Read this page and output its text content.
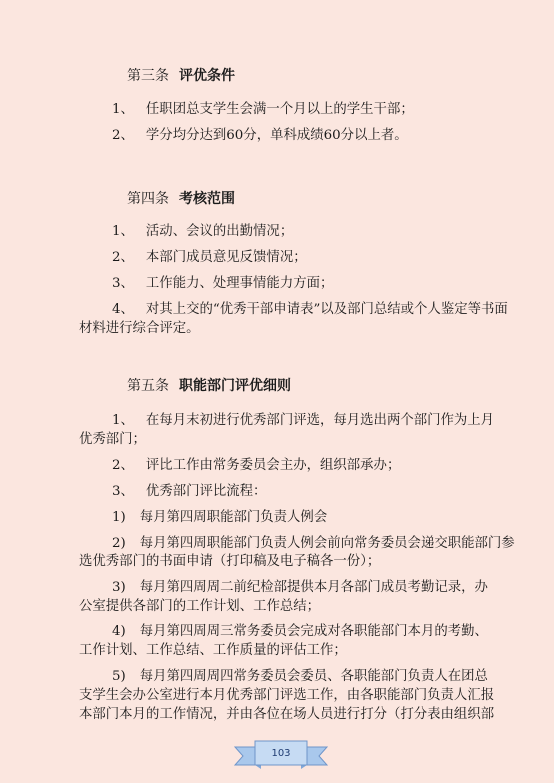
第三条 评优条件
1、 任职团总支学生会满一个月以上的学生干部；
2、 学分均分达到60分，单科成绩60分以上者。
第四条 考核范围
1、 活动、会议的出勤情况；
2、 本部门成员意见反馈情况；
3、 工作能力、处理事情能力方面；
4、 对其上交的“优秀干部申请表”以及部门总结或个人鉴定等书面
材料进行综合评定。
第五条 职能部门评优细则
1、 在每月末初进行优秀部门评选，每月选出两个部门作为上月
优秀部门；
2、 评比工作由常务委员会主办，组织部承办；
3、 优秀部门评比流程：
1) 每月第四周职能部门负责人例会
2) 每月第四周职能部门负责人例会前向常务委员会递交职能部门参
选优秀部门的书面申请（打印稿及电子稿各一份）；
3) 每月第四周周二前纪检部提供本月各部门成员考勤记录，办
公室提供各部门的工作计划、工作总结；
4) 每月第四周周三常务委员会完成对各职能部门本月的考勤、
工作计划、工作总结、工作质量的评估工作；
5) 每月第四周周四常务委员会委员、各职能部门负责人在团总
支学生会办公室进行本月优秀部门评选工作，由各职能部门负责人汇报
本部门本月的工作情况，并由各位在场人员进行打分（打分表由组织部
103
